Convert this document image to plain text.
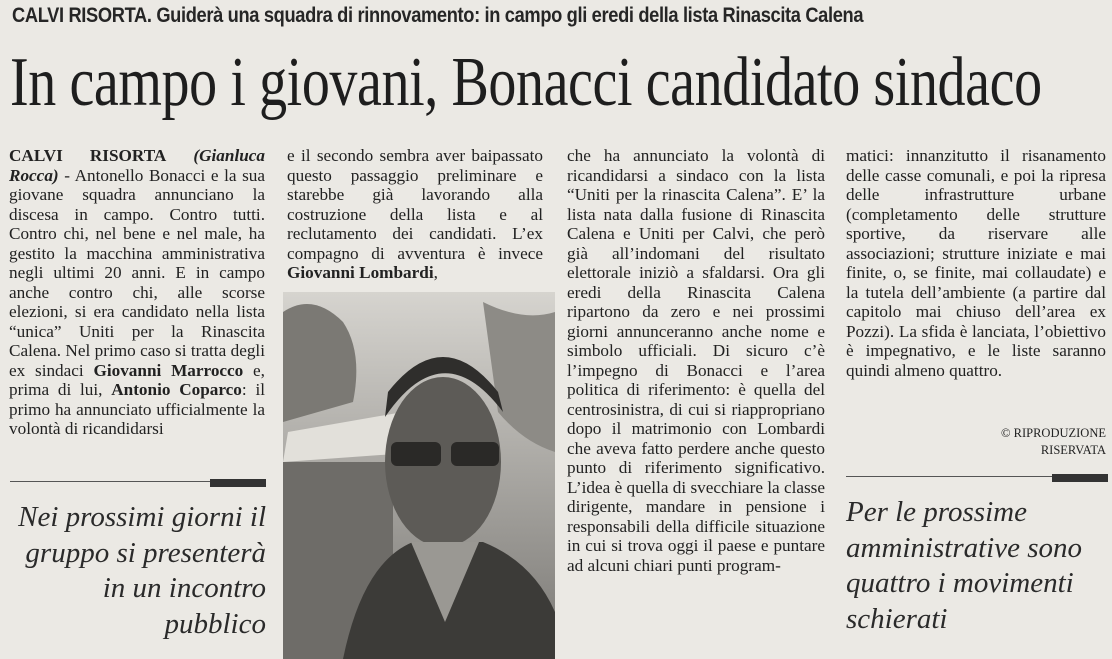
CALVI RISORTA. Guiderà una squadra di rinnovamento: in campo gli eredi della lista Rinascita Calena
In campo i giovani, Bonacci candidato sindaco

CALVI RISORTA (Gianluca Rocca) - Antonello Bonacci e la sua giovane squadra annunciano la discesa in campo. Contro tutti. Contro chi, nel bene e nel male, ha gestito la macchina amministrativa negli ultimi 20 anni. E in campo anche contro chi, alle scorse elezioni, si era candidato nella lista “unica” Uniti per la Rinascita Calena. Nel primo caso si tratta degli ex sindaci Giovanni Marrocco e, prima di lui, Antonio Coparco: il primo ha annunciato ufficialmente la volontà di ricandidarsi

e il secondo sembra aver baipassato questo passaggio preliminare e starebbe già lavorando alla costruzione della lista e al reclutamento dei candidati. L’ex compagno di avventura è invece Giovanni Lombardi,

che ha annunciato la volontà di ricandidarsi a sindaco con la lista “Uniti per la rinascita Calena”. E’ la lista nata dalla fusione di Rinascita Calena e Uniti per Calvi, che però già all’indomani del risultato elettorale iniziò a sfaldarsi. Ora gli eredi della Rinascita Calena ripartono da zero e nei prossimi giorni annunceranno anche nome e simbolo ufficiali. Di sicuro c’è l’impegno di Bonacci e l’area politica di riferimento: è quella del centrosinistra, di cui si riappropriano dopo il matrimonio con Lombardi che aveva fatto perdere anche questo punto di riferimento significativo. L’idea è quella di svecchiare la classe dirigente, mandare in pensione i responsabili della difficile situazione in cui si trova oggi il paese e puntare ad alcuni chiari punti program-

matici: innanzitutto il risanamento delle casse comunali, e poi la ripresa delle infrastrutture urbane (completamento delle strutture sportive, da riservare alle associazioni; strutture iniziate e mai finite, o, se finite, mai collaudate) e la tutela dell’ambiente (a partire dal capitolo mai chiuso dell’area ex Pozzi). La sfida è lanciata, l’obiettivo è impegnativo, e le liste saranno quindi almeno quattro.

© RIPRODUZIONE
RISERVATA
Nei prossimi giorni il gruppo si presenterà in un incontro pubblico
Per le prossime amministrative sono quattro i movimenti schierati
